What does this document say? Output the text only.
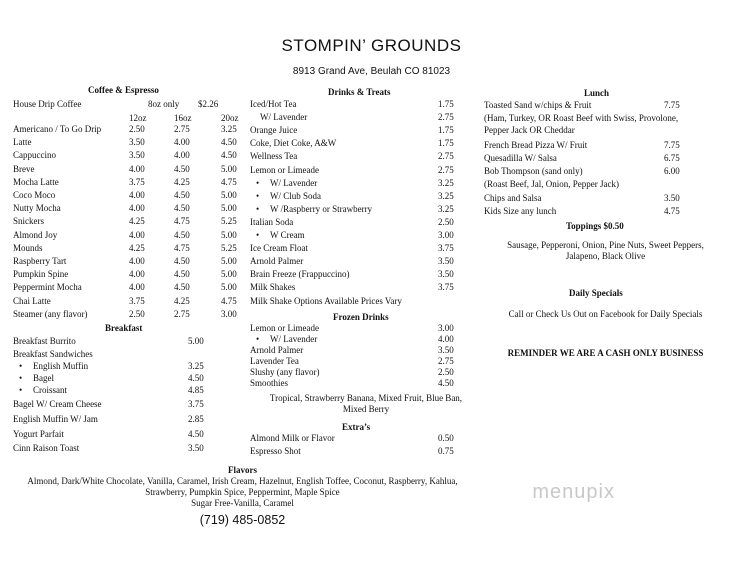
STOMPIN’ GROUNDS
8913 Grand Ave, Beulah CO 81023
Coffee & Espresso
House Drip Coffee	8oz only $2.26
12oz	16oz	20oz
Americano / To Go Drip	2.50	2.75	3.25
Latte	3.50	4.00	4.50
Cappuccino	3.50	4.00	4.50
Breve	4.00	4.50	5.00
Mocha Latte	3.75	4.25	4.75
Coco Moco	4.00	4.50	5.00
Nutty Mocha	4.00	4.50	5.00
Snickers	4.25	4.75	5.25
Almond Joy	4.00	4.50	5.00
Mounds	4.25	4.75	5.25
Raspberry Tart	4.00	4.50	5.00
Pumpkin Spine	4.00	4.50	5.00
Peppermint Mocha	4.00	4.50	5.00
Chai Latte	3.75	4.25	4.75
Steamer (any flavor)	2.50	2.75	3.00
Breakfast
Breakfast Burrito	5.00
Breakfast Sandwiches
• English Muffin	3.25
• Bagel	4.50
• Croissant	4.85
Bagel W/ Cream Cheese	3.75
English Muffin W/ Jam	2.85
Yogurt Parfait	4.50
Cinn Raison Toast	3.50
Drinks & Treats
Iced/Hot Tea	1.75
W/ Lavender	2.75
Orange Juice	1.75
Coke, Diet Coke, A&W	1.75
Wellness Tea	2.75
Lemon or Limeade	2.75
• W/ Lavender	3.25
• W/ Club Soda	3.25
• W /Raspberry or Strawberry	3.25
Italian Soda	2.50
• W Cream	3.00
Ice Cream Float	3.75
Arnold Palmer	3.50
Brain Freeze (Frappuccino)	3.50
Milk Shakes	3.75
Milk Shake Options Available Prices Vary
Frozen Drinks
Lemon or Limeade	3.00
• W/ Lavender	4.00
Arnold Palmer	3.50
Lavender Tea	2.75
Slushy (any flavor)	2.50
Smoothies	4.50
Tropical, Strawberry Banana, Mixed Fruit, Blue Ban,
Mixed Berry
Extra’s
Almond Milk or Flavor	0.50
Espresso Shot	0.75
Lunch
Toasted Sand w/chips & Fruit	7.75
(Ham, Turkey, OR Roast Beef with Swiss, Provolone,
Pepper Jack OR Cheddar
French Bread Pizza W/ Fruit	7.75
Quesadilla W/ Salsa	6.75
Bob Thompson (sand only)	6.00
(Roast Beef, Jal, Onion, Pepper Jack)
Chips and Salsa	3.50
Kids Size any lunch	4.75
Toppings $0.50
Sausage, Pepperoni, Onion, Pine Nuts, Sweet Peppers,
Jalapeno, Black Olive
Daily Specials
Call or Check Us Out on Facebook for Daily Specials
REMINDER WE ARE A CASH ONLY BUSINESS
Flavors
Almond, Dark/White Chocolate, Vanilla, Caramel, Irish Cream, Hazelnut, English Toffee, Coconut, Raspberry, Kahlua,
Strawberry, Pumpkin Spice, Peppermint, Maple Spice
Sugar Free-Vanilla, Caramel
(719) 485-0852
menupix
